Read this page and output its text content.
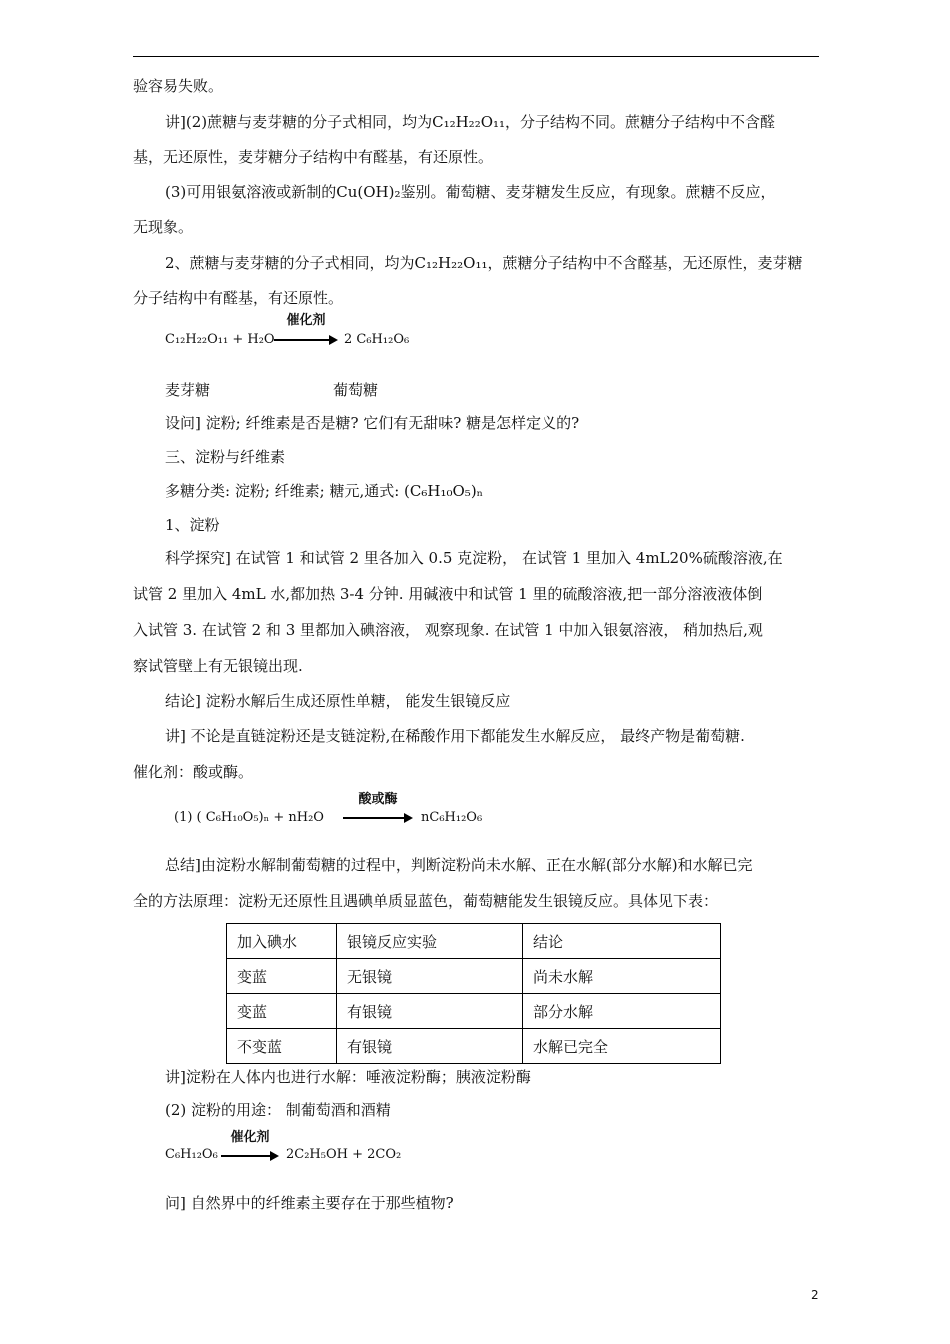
验容易失败。
讲](2)蔗糖与麦芽糖的分子式相同，均为C₁₂H₂₂O₁₁，分子结构不同。蔗糖分子结构中不含醛
基，无还原性，麦芽糖分子结构中有醛基，有还原性。
(3)可用银氨溶液或新制的Cu(OH)₂鉴别。葡萄糖、麦芽糖发生反应，有现象。蔗糖不反应，
无现象。
2、蔗糖与麦芽糖的分子式相同，均为C₁₂H₂₂O₁₁，蔗糖分子结构中不含醛基，无还原性，麦芽糖
分子结构中有醛基，有还原性。
C₁₂H₂₂O₁₁ + H₂O
催化剂
2 C₆H₁₂O₆
麦芽糖	葡萄糖
设问] 淀粉; 纤维素是否是糖? 它们有无甜味? 糖是怎样定义的?
三、淀粉与纤维素
多糖分类: 淀粉; 纤维素; 糖元,通式: (C₆H₁₀O₅)ₙ
1、淀粉
科学探究] 在试管 1 和试管 2 里各加入 0.5 克淀粉， 在试管 1 里加入 4mL20%硫酸溶液,在
试管 2 里加入 4mL 水,都加热 3-4 分钟. 用碱液中和试管 1 里的硫酸溶液,把一部分溶液液体倒
入试管 3. 在试管 2 和 3 里都加入碘溶液， 观察现象. 在试管 1 中加入银氨溶液， 稍加热后,观
察试管壁上有无银镜出现.
结论] 淀粉水解后生成还原性单糖， 能发生银镜反应
讲] 不论是直链淀粉还是支链淀粉,在稀酸作用下都能发生水解反应， 最终产物是葡萄糖.
催化剂：酸或酶。
(1) ( C₆H₁₀O₅)ₙ + nH₂O
酸或酶
nC₆H₁₂O₆
总结]由淀粉水解制葡萄糖的过程中，判断淀粉尚未水解、正在水解(部分水解)和水解已完
全的方法原理：淀粉无还原性且遇碘单质显蓝色，葡萄糖能发生银镜反应。具体见下表：
加入碘水	银镜反应实验	结论
变蓝	无银镜	尚未水解
变蓝	有银镜	部分水解
不变蓝	有银镜	水解已完全
讲]淀粉在人体内也进行水解：唾液淀粉酶；胰液淀粉酶
(2) 淀粉的用途： 制葡萄酒和酒精
C₆H₁₂O₆
催化剂
2C₂H₅OH + 2CO₂
问] 自然界中的纤维素主要存在于那些植物?
2
